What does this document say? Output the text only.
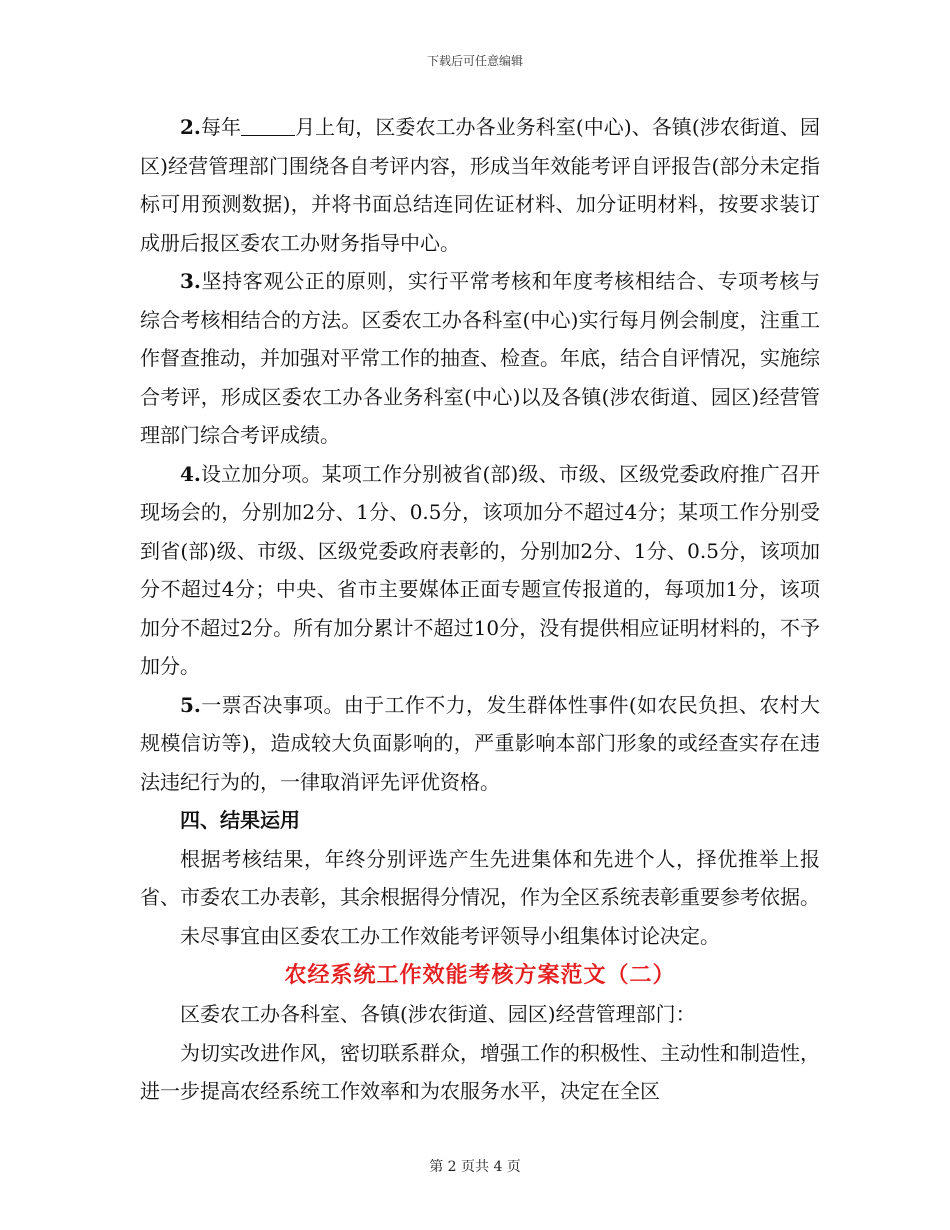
下载后可任意编辑

2.每年	月上旬，区委农工办各业务科室(中心)、各镇(涉农街道、园区)经营管理部门围绕各自考评内容，形成当年效能考评自评报告(部分未定指标可用预测数据)，并将书面总结连同佐证材料、加分证明材料，按要求装订成册后报区委农工办财务指导中心。

3.坚持客观公正的原则，实行平常考核和年度考核相结合、专项考核与综合考核相结合的方法。区委农工办各科室(中心)实行每月例会制度，注重工作督查推动，并加强对平常工作的抽查、检查。年底，结合自评情况，实施综合考评，形成区委农工办各业务科室(中心)以及各镇(涉农街道、园区)经营管理部门综合考评成绩。

4.设立加分项。某项工作分别被省(部)级、市级、区级党委政府推广召开现场会的，分别加2分、1分、0.5分，该项加分不超过4分；某项工作分别受到省(部)级、市级、区级党委政府表彰的，分别加2分、1分、0.5分，该项加分不超过4分；中央、省市主要媒体正面专题宣传报道的，每项加1分，该项加分不超过2分。所有加分累计不超过10分，没有提供相应证明材料的，不予加分。

5.一票否决事项。由于工作不力，发生群体性事件(如农民负担、农村大规模信访等)，造成较大负面影响的，严重影响本部门形象的或经查实存在违法违纪行为的，一律取消评先评优资格。

四、结果运用

根据考核结果，年终分别评选产生先进集体和先进个人，择优推举上报省、市委农工办表彰，其余根据得分情况，作为全区系统表彰重要参考依据。

未尽事宜由区委农工办工作效能考评领导小组集体讨论决定。

农经系统工作效能考核方案范文（二）

区委农工办各科室、各镇(涉农街道、园区)经营管理部门：

为切实改进作风，密切联系群众，增强工作的积极性、主动性和制造性，进一步提高农经系统工作效率和为农服务水平，决定在全区

第 2 页共 4 页
